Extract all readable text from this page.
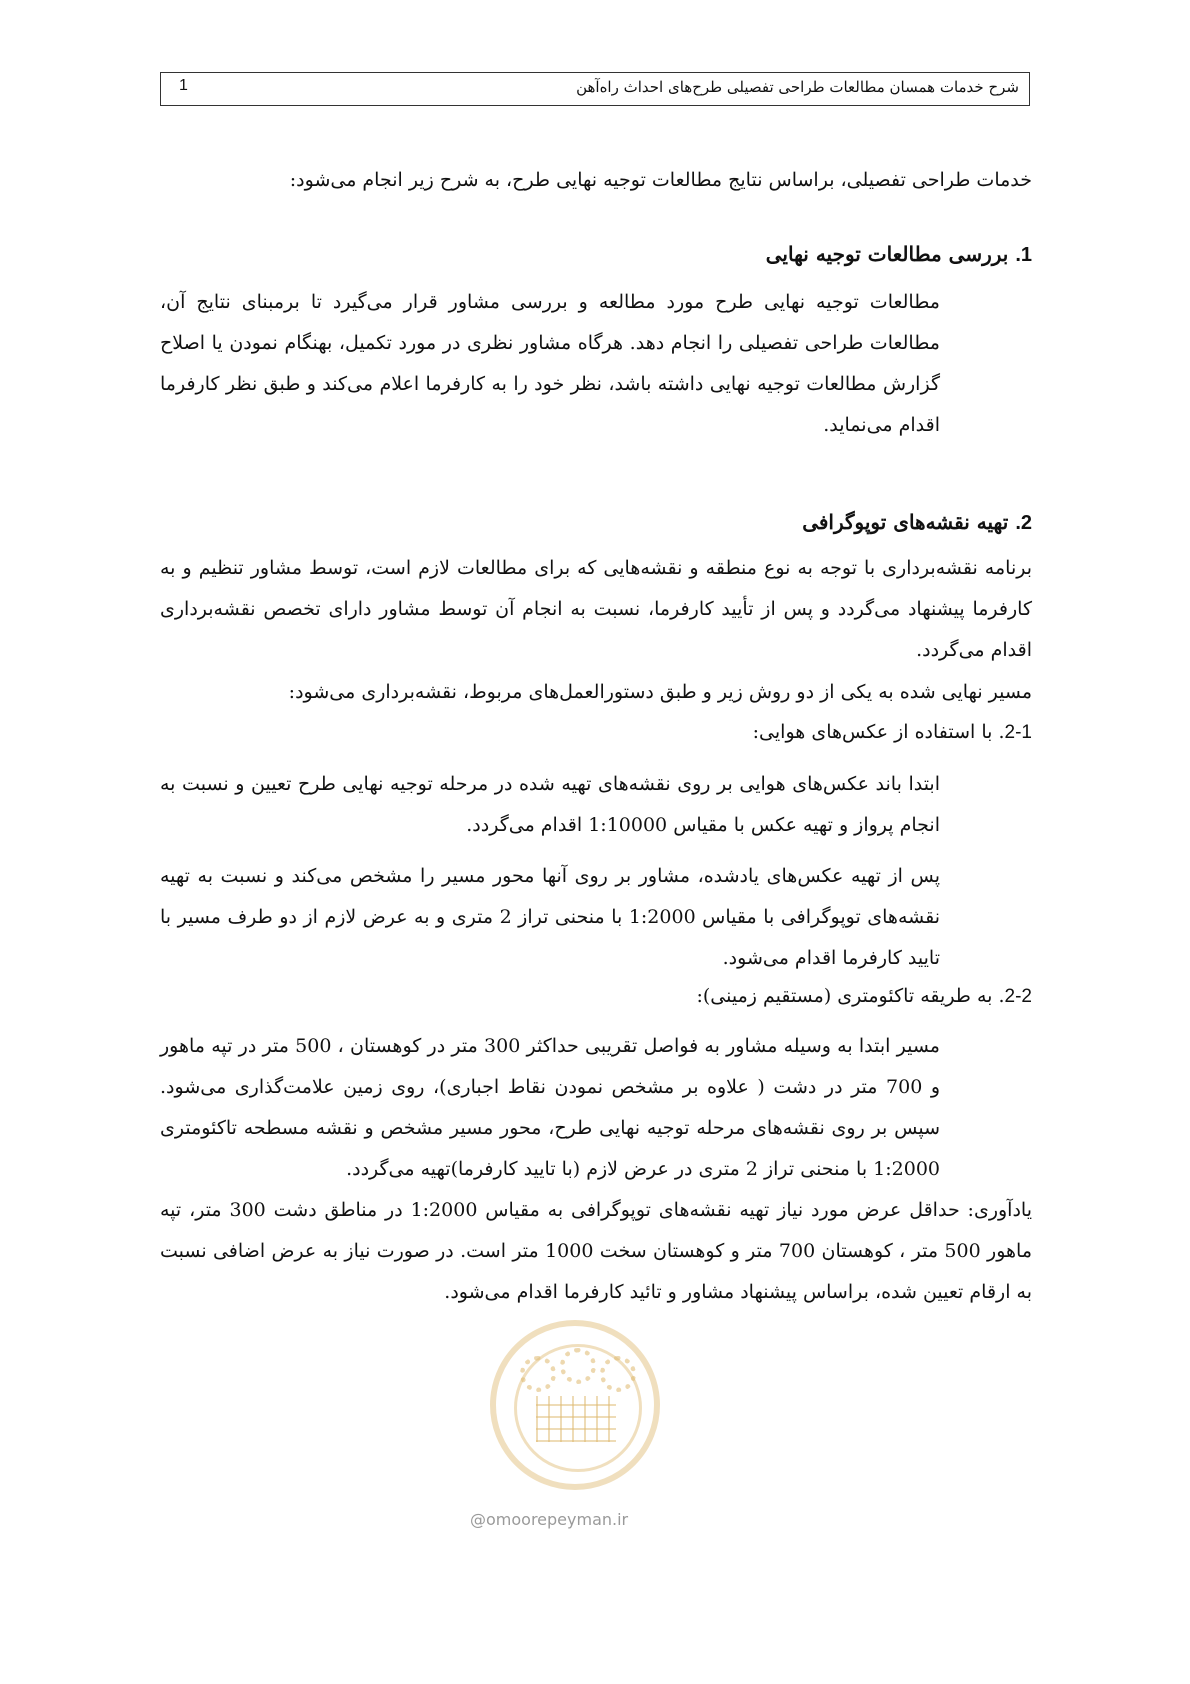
شرح خدمات همسان مطالعات طراحی تفصیلی طرح‌های احداث راه‌آهن
1

خدمات طراحی تفصیلی، براساس نتایج مطالعات توجیه نهایی طرح، به شرح زیر انجام می‌شود:

1. بررسی مطالعات توجیه نهایی

مطالعات توجیه نهایی طرح مورد مطالعه و بررسی مشاور قرار می‌گیرد تا برمبنای نتایج آن، مطالعات طراحی تفصیلی را انجام دهد. هرگاه مشاور نظری در مورد تکمیل، بهنگام نمودن یا اصلاح گزارش مطالعات توجیه نهایی داشته باشد، نظر خود را به کارفرما اعلام می‌کند و طبق نظر کارفرما اقدام می‌نماید.

2. تهیه نقشه‌های توپوگرافی

برنامه نقشه‌برداری با توجه به نوع منطقه و نقشه‌هایی که برای مطالعات لازم است، توسط مشاور تنظیم و به کارفرما پیشنهاد می‌گردد و پس از تأیید کارفرما، نسبت به انجام آن توسط مشاور دارای تخصص نقشه‌برداری اقدام می‌گردد.

مسیر نهایی شده به یکی از دو روش زیر و طبق دستورالعمل‌های مربوط، نقشه‌برداری می‌شود:

2-1. با استفاده از عکس‌های هوایی:

ابتدا باند عکس‌های هوایی بر روی نقشه‌های تهیه شده در مرحله توجیه نهایی طرح تعیین و نسبت به انجام پرواز و تهیه عکس با مقیاس 1:10000 اقدام می‌گردد.

پس از تهیه عکس‌های یادشده، مشاور بر روی آنها محور مسیر را مشخص می‌کند و نسبت به تهیه نقشه‌های توپوگرافی با مقیاس 1:2000 با منحنی تراز 2 متری و به عرض لازم از دو طرف مسیر با تایید کارفرما اقدام می‌شود.

2-2. به طریقه تاکئومتری (مستقیم زمینی):

مسیر ابتدا به وسیله مشاور به فواصل تقریبی حداکثر 300 متر در کوهستان ، 500 متر در تپه ماهور و 700 متر در دشت ( علاوه بر مشخص نمودن نقاط اجباری)، روی زمین علامت‌گذاری می‌شود. سپس بر روی نقشه‌های مرحله توجیه نهایی طرح، محور مسیر مشخص و نقشه مسطحه تاکئومتری 1:2000 با منحنی تراز 2 متری در عرض لازم (با تایید کارفرما)تهیه می‌گردد.

یادآوری: حداقل عرض مورد نیاز تهیه نقشه‌های توپوگرافی به مقیاس 1:2000 در مناطق دشت 300 متر، تپه ماهور 500 متر ، کوهستان 700 متر و کوهستان سخت 1000 متر است. در صورت نیاز به عرض اضافی نسبت به ارقام تعیین شده، براساس پیشنهاد مشاور و تائید کارفرما اقدام می‌شود.

@omoorepeyman.ir
